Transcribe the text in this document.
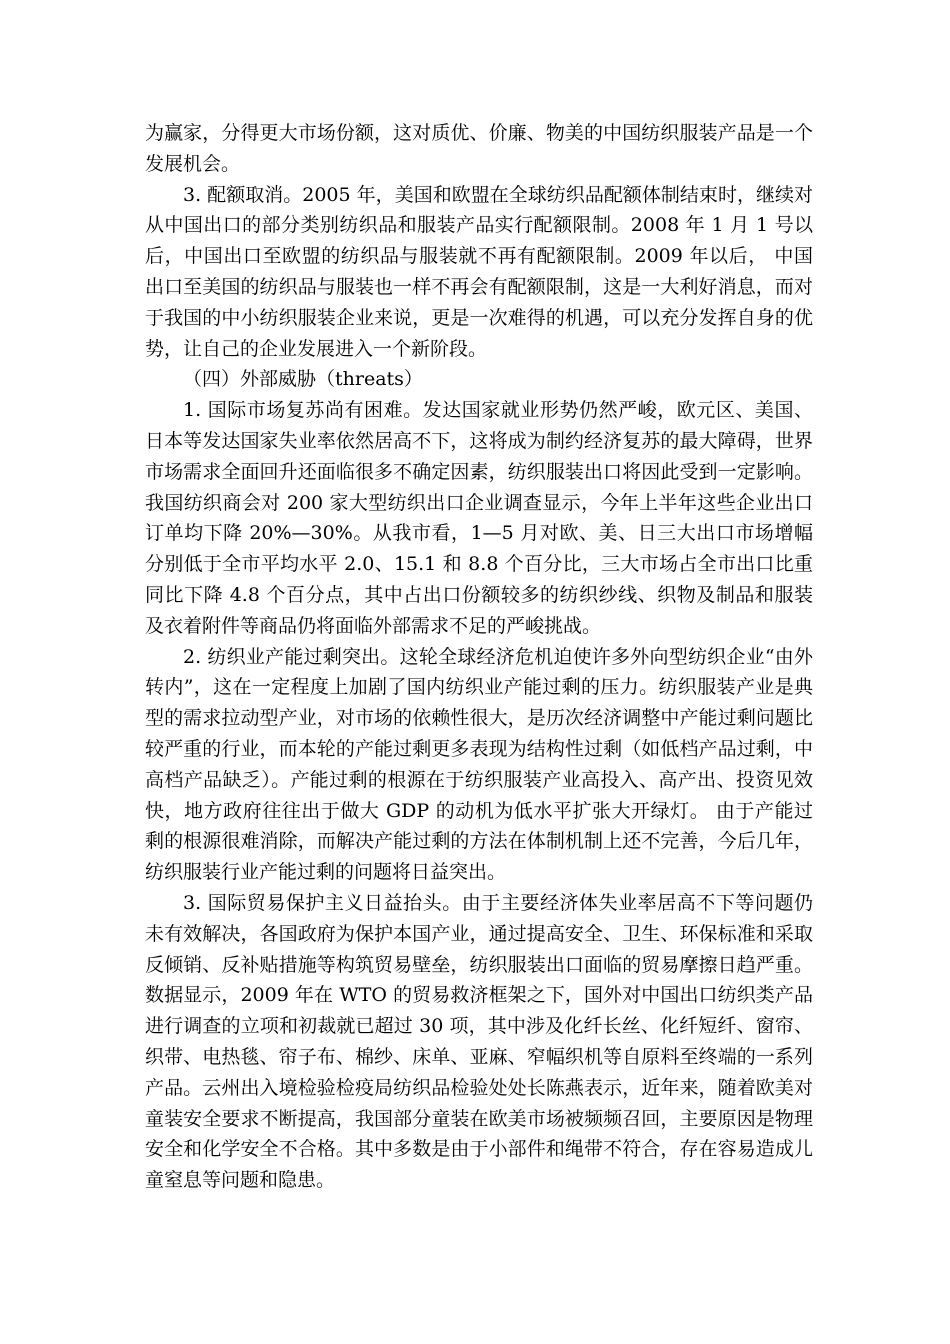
为赢家，分得更大市场份额，这对质优、价廉、物美的中国纺织服装产品是一个发展机会。

3. 配额取消。2005 年，美国和欧盟在全球纺织品配额体制结束时，继续对从中国出口的部分类别纺织品和服装产品实行配额限制。2008 年 1 月 1 号以后，中国出口至欧盟的纺织品与服装就不再有配额限制。2009 年以后， 中国出口至美国的纺织品与服装也一样不再会有配额限制，这是一大利好消息，而对于我国的中小纺织服装企业来说，更是一次难得的机遇，可以充分发挥自身的优势，让自己的企业发展进入一个新阶段。

（四）外部威胁（threats）

1. 国际市场复苏尚有困难。发达国家就业形势仍然严峻，欧元区、美国、日本等发达国家失业率依然居高不下，这将成为制约经济复苏的最大障碍，世界市场需求全面回升还面临很多不确定因素，纺织服装出口将因此受到一定影响。我国纺织商会对 200 家大型纺织出口企业调查显示，今年上半年这些企业出口订单均下降 20%—30%。从我市看，1—5 月对欧、美、日三大出口市场增幅分别低于全市平均水平 2.0、15.1 和 8.8 个百分比，三大市场占全市出口比重同比下降 4.8 个百分点，其中占出口份额较多的纺织纱线、织物及制品和服装及衣着附件等商品仍将面临外部需求不足的严峻挑战。

2. 纺织业产能过剩突出。这轮全球经济危机迫使许多外向型纺织企业“由外转内”，这在一定程度上加剧了国内纺织业产能过剩的压力。纺织服装产业是典型的需求拉动型产业，对市场的依赖性很大，是历次经济调整中产能过剩问题比较严重的行业，而本轮的产能过剩更多表现为结构性过剩（如低档产品过剩，中高档产品缺乏）。产能过剩的根源在于纺织服装产业高投入、高产出、投资见效快，地方政府往往出于做大 GDP 的动机为低水平扩张大开绿灯。 由于产能过剩的根源很难消除，而解决产能过剩的方法在体制机制上还不完善，今后几年，纺织服装行业产能过剩的问题将日益突出。

3. 国际贸易保护主义日益抬头。由于主要经济体失业率居高不下等问题仍未有效解决，各国政府为保护本国产业，通过提高安全、卫生、环保标准和采取反倾销、反补贴措施等构筑贸易壁垒，纺织服装出口面临的贸易摩擦日趋严重。数据显示，2009 年在 WTO 的贸易救济框架之下，国外对中国出口纺织类产品进行调查的立项和初裁就已超过 30 项，其中涉及化纤长丝、化纤短纤、窗帘、织带、电热毯、帘子布、棉纱、床单、亚麻、窄幅织机等自原料至终端的一系列产品。云州出入境检验检疫局纺织品检验处处长陈燕表示，近年来，随着欧美对童装安全要求不断提高，我国部分童装在欧美市场被频频召回，主要原因是物理安全和化学安全不合格。其中多数是由于小部件和绳带不符合，存在容易造成儿童窒息等问题和隐患。
